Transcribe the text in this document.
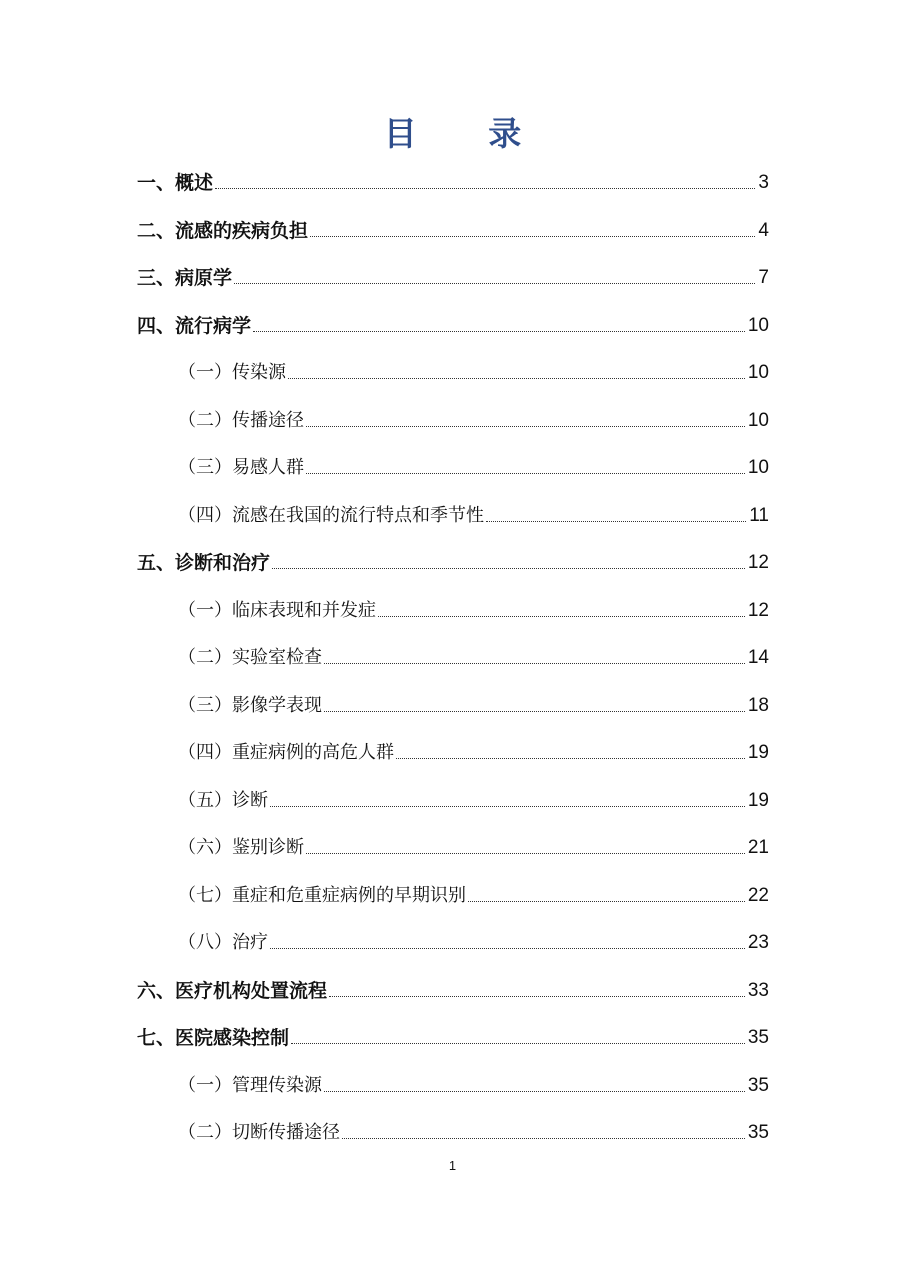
目 录
一、概述	3
二、流感的疾病负担	4
三、病原学	7
四、流行病学	10
（一）传染源	10
（二）传播途径	10
（三）易感人群	10
（四）流感在我国的流行特点和季节性	11
五、诊断和治疗	12
（一）临床表现和并发症	12
（二）实验室检查	14
（三）影像学表现	18
（四）重症病例的高危人群	19
（五）诊断	19
（六）鉴别诊断	21
（七）重症和危重症病例的早期识别	22
（八）治疗	23
六、医疗机构处置流程	33
七、医院感染控制	35
（一）管理传染源	35
（二）切断传播途径	35
1
